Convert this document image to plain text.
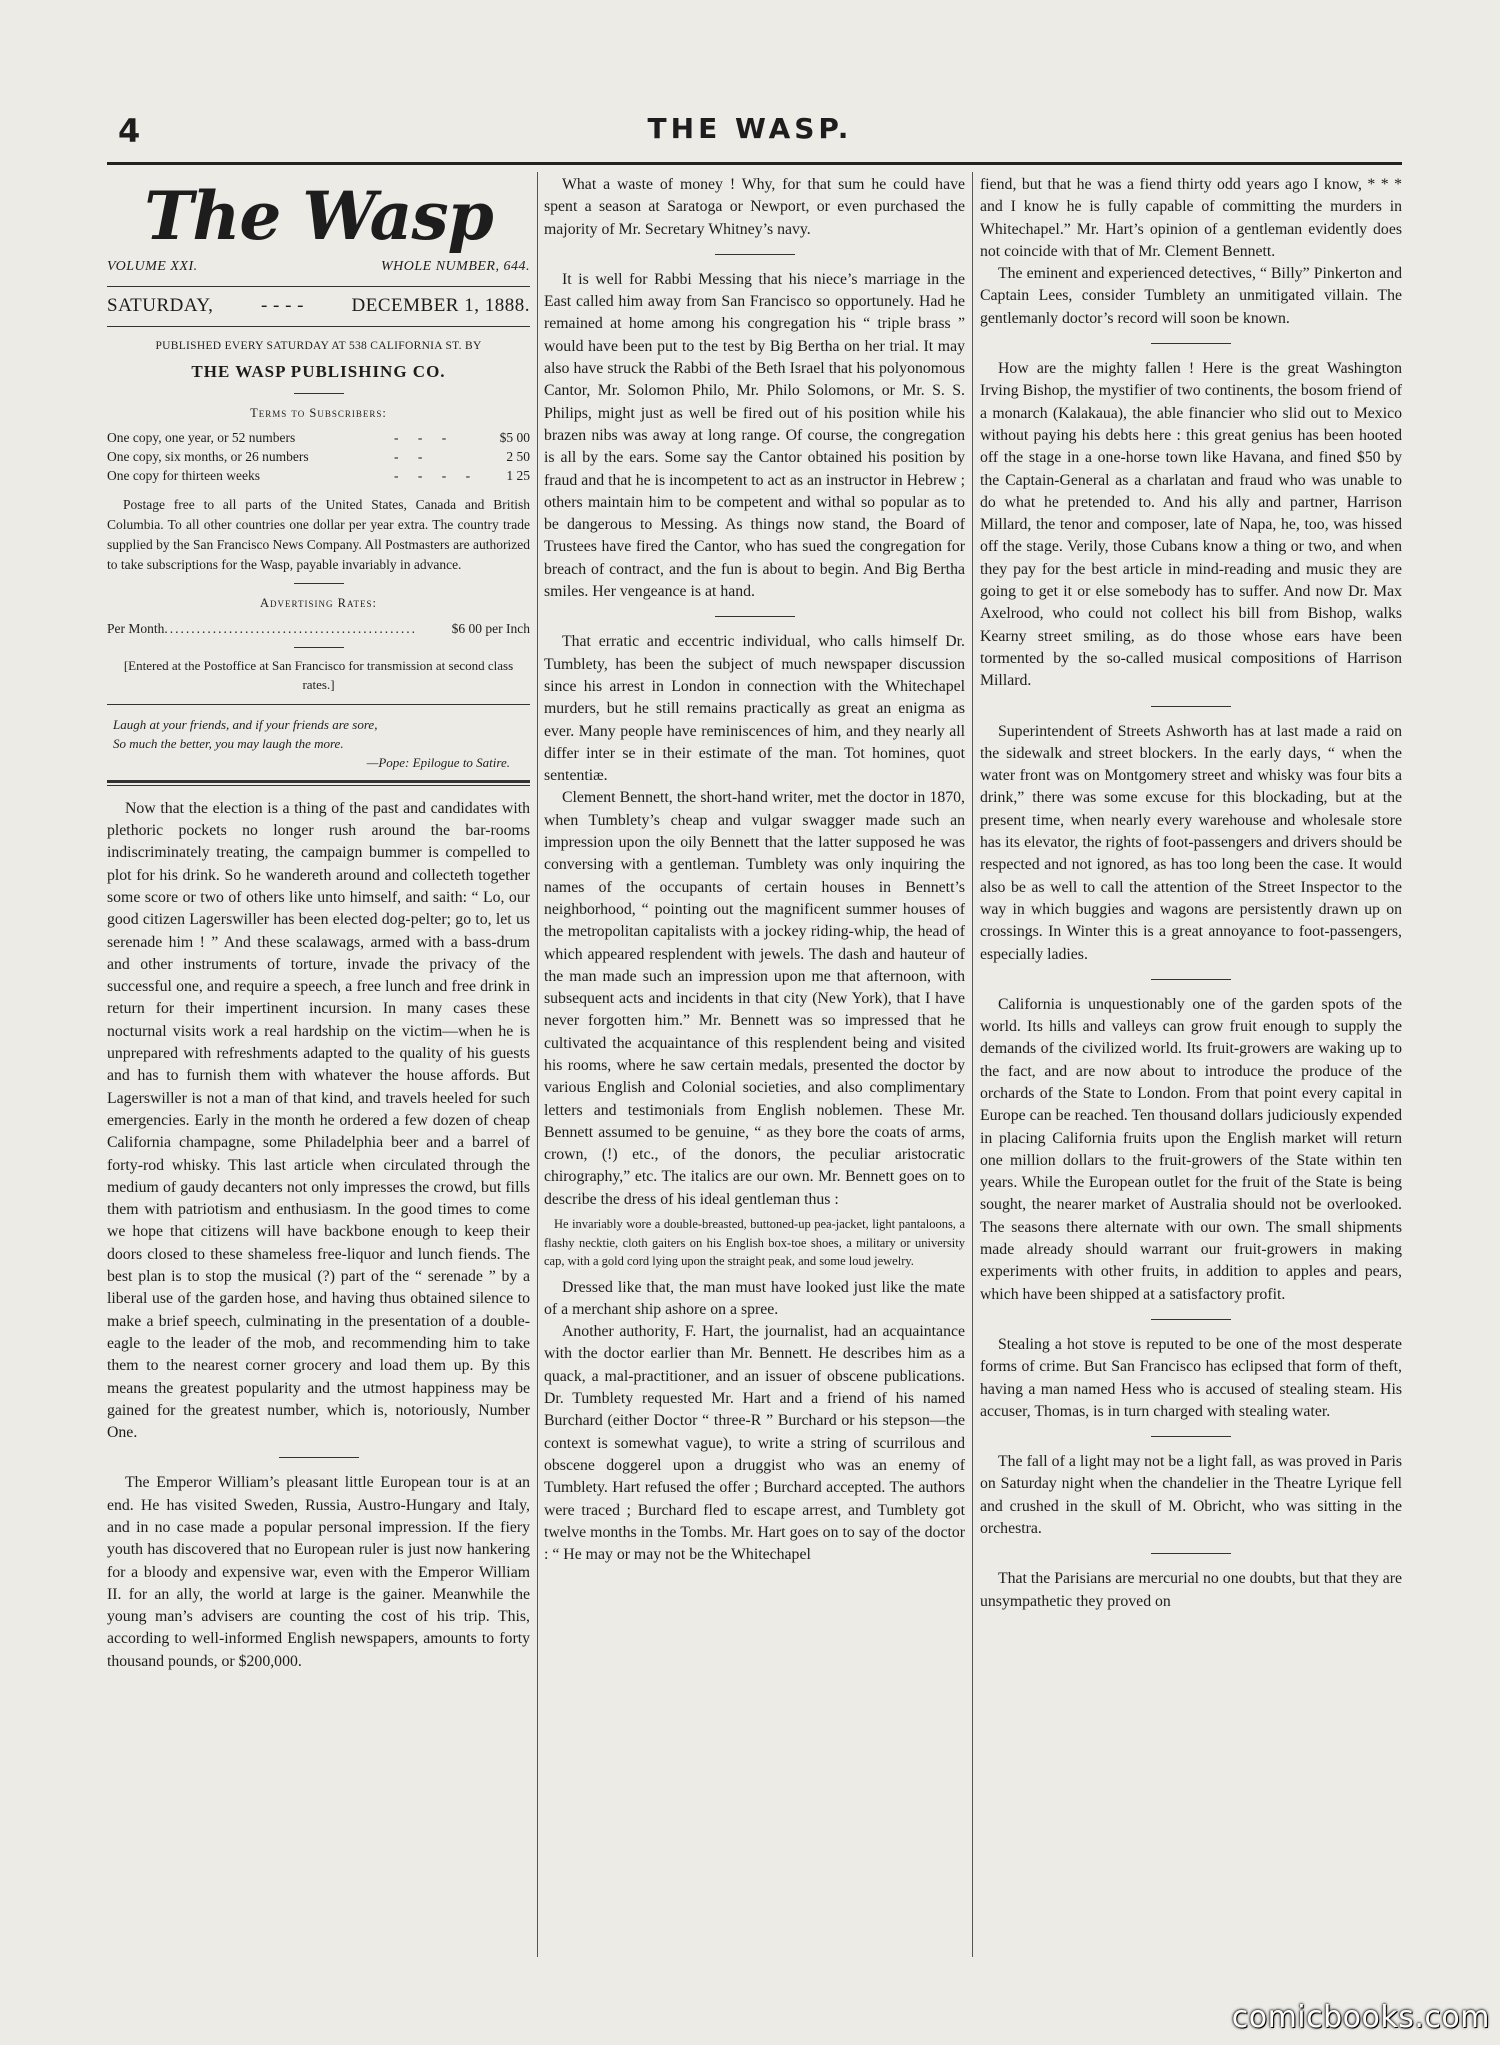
4	THE WASP.
The Wasp
VOLUME XXI.	WHOLE NUMBER, 644.
SATURDAY,	- - - -	DECEMBER 1, 1888.
PUBLISHED EVERY SATURDAY AT 538 CALIFORNIA ST. BY
THE WASP PUBLISHING CO.
Terms to Subscribers:
One copy, one year, or 52 numbers	- - -	$5 00
One copy, six months, or 26 numbers	- -	2 50
One copy for thirteen weeks	- - - -	1 25
Postage free to all parts of the United States, Canada and British Columbia. To all other countries one dollar per year extra. The country trade supplied by the San Francisco News Company. All Postmasters are authorized to take subscriptions for the Wasp, payable invariably in advance.
Advertising Rates:
Per Month ...............................................	$6 00 per Inch
[Entered at the Postoffice at San Francisco for transmission at second class rates.]
Laugh at your friends, and if your friends are sore,
So much the better, you may laugh the more.
—Pope: Epilogue to Satire.

Now that the election is a thing of the past and candidates with plethoric pockets no longer rush around the bar-rooms indiscriminately treating, the campaign bummer is compelled to plot for his drink. So he wandereth around and collecteth together some score or two of others like unto himself, and saith: “ Lo, our good citizen Lagerswiller has been elected dog-pelter; go to, let us serenade him ! ” And these scalawags, armed with a bass-drum and other instruments of torture, invade the privacy of the successful one, and require a speech, a free lunch and free drink in return for their impertinent incursion. In many cases these nocturnal visits work a real hardship on the victim—when he is unprepared with refreshments adapted to the quality of his guests and has to furnish them with whatever the house affords. But Lagerswiller is not a man of that kind, and travels heeled for such emergencies. Early in the month he ordered a few dozen of cheap California champagne, some Philadelphia beer and a barrel of forty-rod whisky. This last article when circulated through the medium of gaudy decanters not only impresses the crowd, but fills them with patriotism and enthusiasm. In the good times to come we hope that citizens will have backbone enough to keep their doors closed to these shameless free-liquor and lunch fiends. The best plan is to stop the musical (?) part of the “ serenade ” by a liberal use of the garden hose, and having thus obtained silence to make a brief speech, culminating in the presentation of a double-eagle to the leader of the mob, and recommending him to take them to the nearest corner grocery and load them up. By this means the greatest popularity and the utmost happiness may be gained for the greatest number, which is, notoriously, Number One.

The Emperor William’s pleasant little European tour is at an end. He has visited Sweden, Russia, Austro-Hungary and Italy, and in no case made a popular personal impression. If the fiery youth has discovered that no European ruler is just now hankering for a bloody and expensive war, even with the Emperor William II. for an ally, the world at large is the gainer. Meanwhile the young man’s advisers are counting the cost of his trip. This, according to well-informed English newspapers, amounts to forty thousand pounds, or $200,000.

What a waste of money ! Why, for that sum he could have spent a season at Saratoga or Newport, or even purchased the majority of Mr. Secretary Whitney’s navy.

It is well for Rabbi Messing that his niece’s marriage in the East called him away from San Francisco so opportunely. Had he remained at home among his congregation his “ triple brass ” would have been put to the test by Big Bertha on her trial. It may also have struck the Rabbi of the Beth Israel that his polyonomous Cantor, Mr. Solomon Philo, Mr. Philo Solomons, or Mr. S. S. Philips, might just as well be fired out of his position while his brazen nibs was away at long range. Of course, the congregation is all by the ears. Some say the Cantor obtained his position by fraud and that he is incompetent to act as an instructor in Hebrew ; others maintain him to be competent and withal so popular as to be dangerous to Messing. As things now stand, the Board of Trustees have fired the Cantor, who has sued the congregation for breach of contract, and the fun is about to begin. And Big Bertha smiles. Her vengeance is at hand.

That erratic and eccentric individual, who calls himself Dr. Tumblety, has been the subject of much newspaper discussion since his arrest in London in connection with the Whitechapel murders, but he still remains practically as great an enigma as ever. Many people have reminiscences of him, and they nearly all differ inter se in their estimate of the man. Tot homines, quot sententiæ.

Clement Bennett, the short-hand writer, met the doctor in 1870, when Tumblety’s cheap and vulgar swagger made such an impression upon the oily Bennett that the latter supposed he was conversing with a gentleman. Tumblety was only inquiring the names of the occupants of certain houses in Bennett’s neighborhood, “ pointing out the magnificent summer houses of the metropolitan capitalists with a jockey riding-whip, the head of which appeared resplendent with jewels. The dash and hauteur of the man made such an impression upon me that afternoon, with subsequent acts and incidents in that city (New York), that I have never forgotten him.” Mr. Bennett was so impressed that he cultivated the acquaintance of this resplendent being and visited his rooms, where he saw certain medals, presented the doctor by various English and Colonial societies, and also complimentary letters and testimonials from English noblemen. These Mr. Bennett assumed to be genuine, “ as they bore the coats of arms, crown, (!) etc., of the donors, the peculiar aristocratic chirography,” etc. The italics are our own. Mr. Bennett goes on to describe the dress of his ideal gentleman thus :

He invariably wore a double-breasted, buttoned-up pea-jacket, light pantaloons, a flashy necktie, cloth gaiters on his English box-toe shoes, a military or university cap, with a gold cord lying upon the straight peak, and some loud jewelry.

Dressed like that, the man must have looked just like the mate of a merchant ship ashore on a spree.

Another authority, F. Hart, the journalist, had an acquaintance with the doctor earlier than Mr. Bennett. He describes him as a quack, a mal-practitioner, and an issuer of obscene publications. Dr. Tumblety requested Mr. Hart and a friend of his named Burchard (either Doctor “ three-R ” Burchard or his stepson—the context is somewhat vague), to write a string of scurrilous and obscene doggerel upon a druggist who was an enemy of Tumblety. Hart refused the offer ; Burchard accepted. The authors were traced ; Burchard fled to escape arrest, and Tumblety got twelve months in the Tombs. Mr. Hart goes on to say of the doctor : “ He may or may not be the Whitechapel

fiend, but that he was a fiend thirty odd years ago I know, * * * and I know he is fully capable of committing the murders in Whitechapel.” Mr. Hart’s opinion of a gentleman evidently does not coincide with that of Mr. Clement Bennett.

The eminent and experienced detectives, “ Billy” Pinkerton and Captain Lees, consider Tumblety an unmitigated villain. The gentlemanly doctor’s record will soon be known.

How are the mighty fallen ! Here is the great Washington Irving Bishop, the mystifier of two continents, the bosom friend of a monarch (Kalakaua), the able financier who slid out to Mexico without paying his debts here : this great genius has been hooted off the stage in a one-horse town like Havana, and fined $50 by the Captain-General as a charlatan and fraud who was unable to do what he pretended to. And his ally and partner, Harrison Millard, the tenor and composer, late of Napa, he, too, was hissed off the stage. Verily, those Cubans know a thing or two, and when they pay for the best article in mind-reading and music they are going to get it or else somebody has to suffer. And now Dr. Max Axelrood, who could not collect his bill from Bishop, walks Kearny street smiling, as do those whose ears have been tormented by the so-called musical compositions of Harrison Millard.

Superintendent of Streets Ashworth has at last made a raid on the sidewalk and street blockers. In the early days, “ when the water front was on Montgomery street and whisky was four bits a drink,” there was some excuse for this blockading, but at the present time, when nearly every warehouse and wholesale store has its elevator, the rights of foot-passengers and drivers should be respected and not ignored, as has too long been the case. It would also be as well to call the attention of the Street Inspector to the way in which buggies and wagons are persistently drawn up on crossings. In Winter this is a great annoyance to foot-passengers, especially ladies.

California is unquestionably one of the garden spots of the world. Its hills and valleys can grow fruit enough to supply the demands of the civilized world. Its fruit-growers are waking up to the fact, and are now about to introduce the produce of the orchards of the State to London. From that point every capital in Europe can be reached. Ten thousand dollars judiciously expended in placing California fruits upon the English market will return one million dollars to the fruit-growers of the State within ten years. While the European outlet for the fruit of the State is being sought, the nearer market of Australia should not be overlooked. The seasons there alternate with our own. The small shipments made already should warrant our fruit-growers in making experiments with other fruits, in addition to apples and pears, which have been shipped at a satisfactory profit.

Stealing a hot stove is reputed to be one of the most desperate forms of crime. But San Francisco has eclipsed that form of theft, having a man named Hess who is accused of stealing steam. His accuser, Thomas, is in turn charged with stealing water.

The fall of a light may not be a light fall, as was proved in Paris on Saturday night when the chandelier in the Theatre Lyrique fell and crushed in the skull of M. Obricht, who was sitting in the orchestra.

That the Parisians are mercurial no one doubts, but that they are unsympathetic they proved on

comicbooks.com
